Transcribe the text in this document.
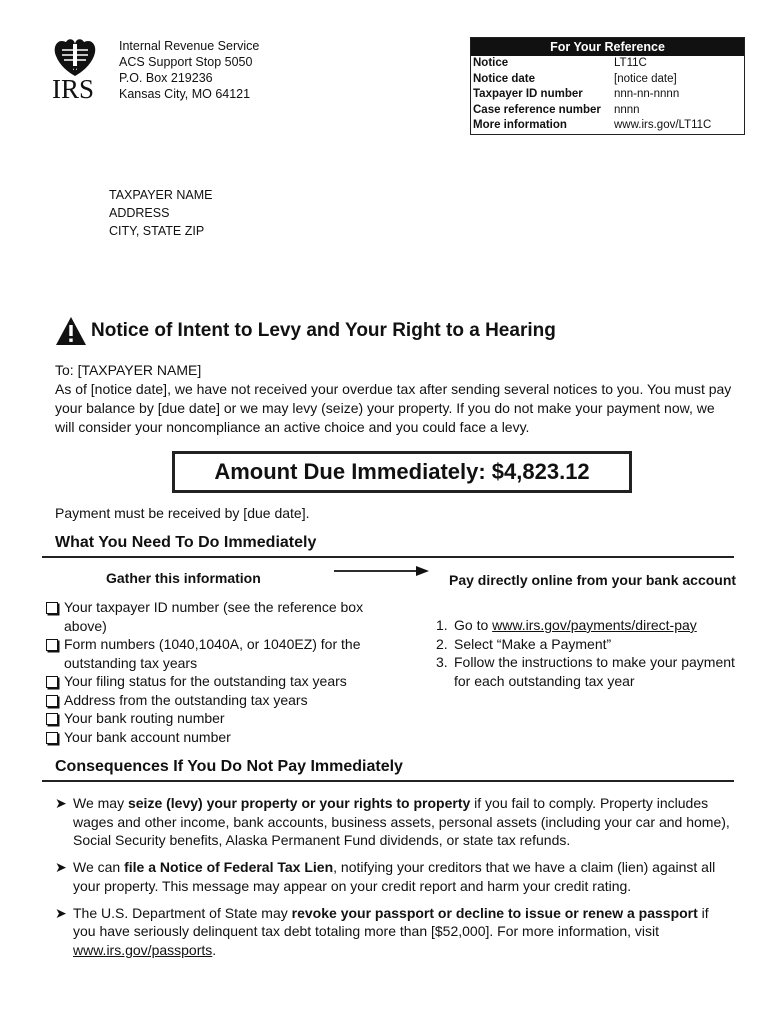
IRS
Internal Revenue Service
ACS Support Stop 5050
P.O. Box 219236
Kansas City, MO 64121
For Your Reference
Notice	LT11C
Notice date	[notice date]
Taxpayer ID number	nnn-nn-nnnn
Case reference number	nnnn
More information	www.irs.gov/LT11C
TAXPAYER NAME
ADDRESS
CITY, STATE ZIP
Notice of Intent to Levy and Your Right to a Hearing
To: [TAXPAYER NAME]
As of [notice date], we have not received your overdue tax after sending several notices to you. You must pay your balance by [due date] or we may levy (seize) your property. If you do not make your payment now, we will consider your noncompliance an active choice and you could face a levy.
Amount Due Immediately: $4,823.12
Payment must be received by [due date].
What You Need To Do Immediately
Gather this information
Your taxpayer ID number (see the reference box above)
Form numbers (1040,1040A, or 1040EZ) for the outstanding tax years
Your filing status for the outstanding tax years
Address from the outstanding tax years
Your bank routing number
Your bank account number
Pay directly online from your bank account
1. Go to www.irs.gov/payments/direct-pay
2. Select “Make a Payment”
3. Follow the instructions to make your payment for each outstanding tax year
Consequences If You Do Not Pay Immediately
➤ We may seize (levy) your property or your rights to property if you fail to comply. Property includes wages and other income, bank accounts, business assets, personal assets (including your car and home), Social Security benefits, Alaska Permanent Fund dividends, or state tax refunds.
➤ We can file a Notice of Federal Tax Lien, notifying your creditors that we have a claim (lien) against all your property. This message may appear on your credit report and harm your credit rating.
➤ The U.S. Department of State may revoke your passport or decline to issue or renew a passport if you have seriously delinquent tax debt totaling more than [$52,000]. For more information, visit www.irs.gov/passports.
